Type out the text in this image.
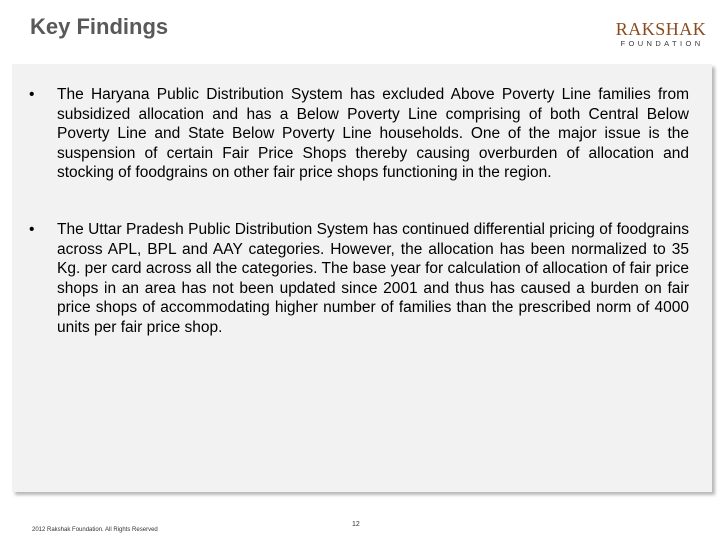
Key Findings	RAKSHAK
FOUNDATION
• The Haryana Public Distribution System has excluded Above Poverty Line families from subsidized allocation and has a Below Poverty Line comprising of both Central Below Poverty Line and State Below Poverty Line households. One of the major issue is the suspension of certain Fair Price Shops thereby causing overburden of allocation and stocking of foodgrains on other fair price shops functioning in the region.

• The Uttar Pradesh Public Distribution System has continued differential pricing of foodgrains across APL, BPL and AAY categories. However, the allocation has been normalized to 35 Kg. per card across all the categories. The base year for calculation of allocation of fair price shops in an area has not been updated since 2001 and thus has caused a burden on fair price shops of accommodating higher number of families than the prescribed norm of 4000 units per fair price shop.

2012 Rakshak Foundation. All Rights Reserved
12
